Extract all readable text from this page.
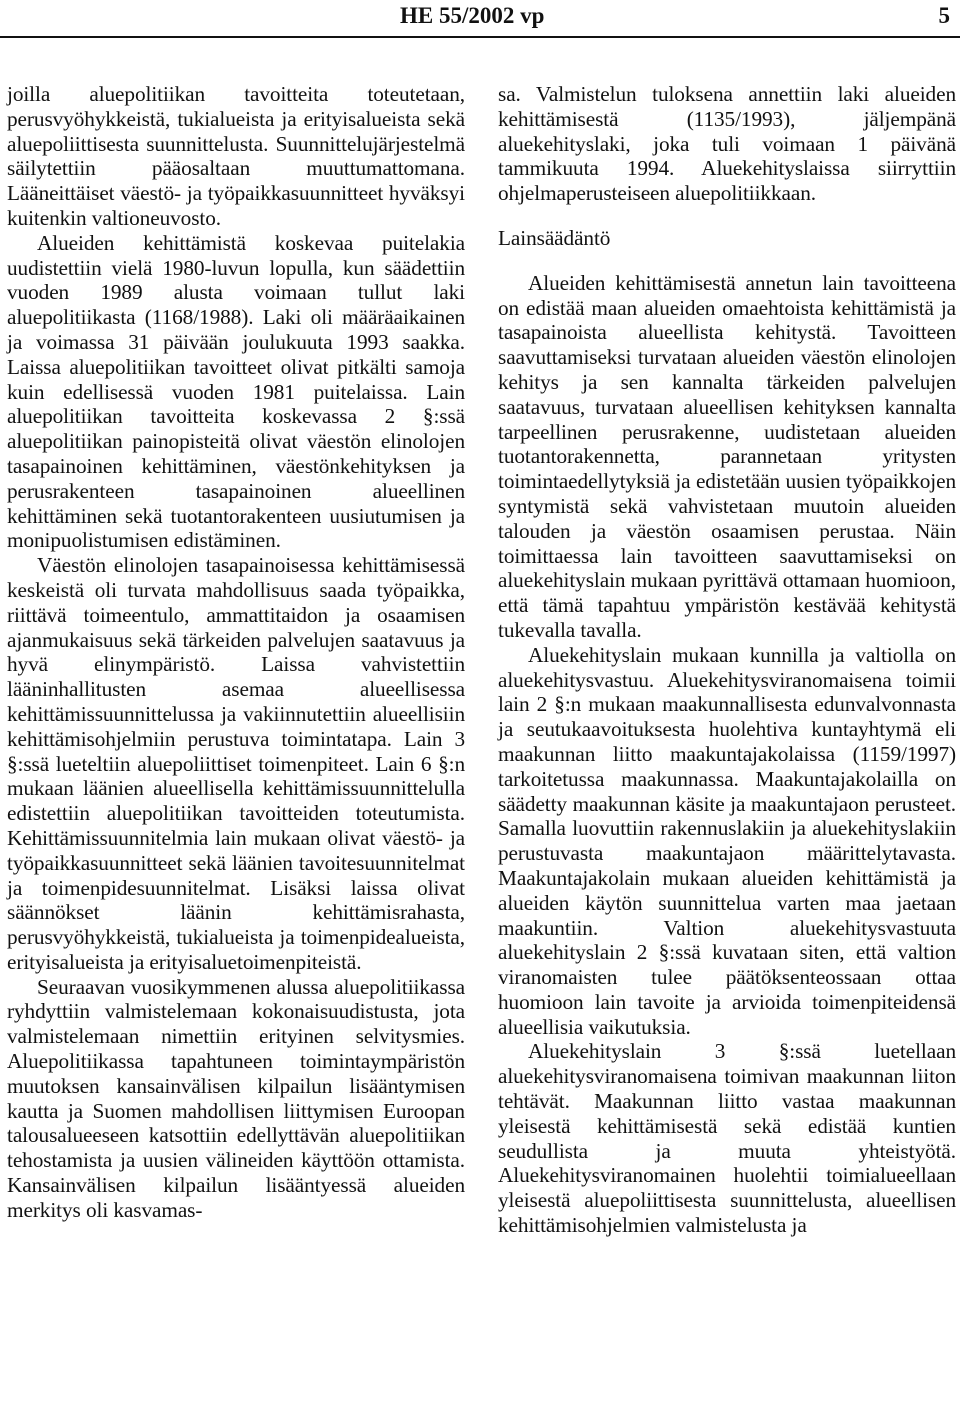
HE 55/2002 vp	5

joilla aluepolitiikan tavoitteita toteutetaan, perusvyöhykkeistä, tukialueista ja erityisalueista sekä aluepoliittisesta suunnittelusta. Suunnittelujärjestelmä säilytettiin pääosaltaan muuttumattomana. Lääneittäiset väestö- ja työpaikkasuunnitteet hyväksyi kuitenkin valtioneuvosto.

Alueiden kehittämistä koskevaa puitelakia uudistettiin vielä 1980-luvun lopulla, kun säädettiin vuoden 1989 alusta voimaan tullut laki aluepolitiikasta (1168/1988). Laki oli määräaikainen ja voimassa 31 päivään joulukuuta 1993 saakka. Laissa aluepolitiikan tavoitteet olivat pitkälti samoja kuin edellisessä vuoden 1981 puitelaissa. Lain aluepolitiikan tavoitteita koskevassa 2 §:ssä aluepolitiikan painopisteitä olivat väestön elinolojen tasapainoinen kehittäminen, väestönkehityksen ja perusrakenteen tasapainoinen alueellinen kehittäminen sekä tuotantorakenteen uusiutumisen ja monipuolistumisen edistäminen.

Väestön elinolojen tasapainoisessa kehittämisessä keskeistä oli turvata mahdollisuus saada työpaikka, riittävä toimeentulo, ammattitaidon ja osaamisen ajanmukaisuus sekä tärkeiden palvelujen saatavuus ja hyvä elinympäristö. Laissa vahvistettiin lääninhallitusten asemaa alueellisessa kehittämissuunnittelussa ja vakiinnutettiin alueellisiin kehittämisohjelmiin perustuva toimintatapa. Lain 3 §:ssä lueteltiin aluepoliittiset toimenpiteet. Lain 6 §:n mukaan läänien alueellisella kehittämissuunnittelulla edistettiin aluepolitiikan tavoitteiden toteutumista. Kehittämissuunnitelmia lain mukaan olivat väestö- ja työpaikkasuunnitteet sekä läänien tavoitesuunnitelmat ja toimenpidesuunnitelmat. Lisäksi laissa olivat säännökset läänin kehittämisrahasta, perusvyöhykkeistä, tukialueista ja toimenpidealueista, erityisalueista ja erityisaluetoimenpiteistä.

Seuraavan vuosikymmenen alussa aluepolitiikassa ryhdyttiin valmistelemaan kokonaisuudistusta, jota valmistelemaan nimettiin erityinen selvitysmies. Aluepolitiikassa tapahtuneen toimintaympäristön muutoksen kansainvälisen kilpailun lisääntymisen kautta ja Suomen mahdollisen liittymisen Euroopan talousalueeseen katsottiin edellyttävän aluepolitiikan tehostamista ja uusien välineiden käyttöön ottamista. Kansainvälisen kilpailun lisääntyessä alueiden merkitys oli kasvamas-

sa. Valmistelun tuloksena annettiin laki alueiden kehittämisestä (1135/1993), jäljempänä aluekehityslaki, joka tuli voimaan 1 päivänä tammikuuta 1994. Aluekehityslaissa siirryttiin ohjelmaperusteiseen aluepolitiikkaan.

Lainsäädäntö

Alueiden kehittämisestä annetun lain tavoitteena on edistää maan alueiden omaehtoista kehittämistä ja tasapainoista alueellista kehitystä. Tavoitteen saavuttamiseksi turvataan alueiden väestön elinolojen kehitys ja sen kannalta tärkeiden palvelujen saatavuus, turvataan alueellisen kehityksen kannalta tarpeellinen perusrakenne, uudistetaan alueiden tuotantorakennetta, parannetaan yritysten toimintaedellytyksiä ja edistetään uusien työpaikkojen syntymistä sekä vahvistetaan muutoin alueiden talouden ja väestön osaamisen perustaa. Näin toimittaessa lain tavoitteen saavuttamiseksi on aluekehityslain mukaan pyrittävä ottamaan huomioon, että tämä tapahtuu ympäristön kestävää kehitystä tukevalla tavalla.

Aluekehityslain mukaan kunnilla ja valtiolla on aluekehitysvastuu. Aluekehitysviranomaisena toimii lain 2 §:n mukaan maakunnallisesta edunvalvonnasta ja seutukaavoituksesta huolehtiva kuntayhtymä eli maakunnan liitto maakuntajakolaissa (1159/1997) tarkoitetussa maakunnassa. Maakuntajakolailla on säädetty maakunnan käsite ja maakuntajaon perusteet. Samalla luovuttiin rakennuslakiin ja aluekehityslakiin perustuvasta maakuntajaon määrittelytavasta. Maakuntajakolain mukaan alueiden kehittämistä ja alueiden käytön suunnittelua varten maa jaetaan maakuntiin. Valtion aluekehitysvastuuta aluekehityslain 2 §:ssä kuvataan siten, että valtion viranomaisten tulee päätöksenteossaan ottaa huomioon lain tavoite ja arvioida toimenpiteidensä alueellisia vaikutuksia.

Aluekehityslain 3 §:ssä luetellaan aluekehitysviranomaisena toimivan maakunnan liiton tehtävät. Maakunnan liitto vastaa maakunnan yleisestä kehittämisestä sekä edistää kuntien seudullista ja muuta yhteistyötä. Aluekehitysviranomainen huolehtii toimialueellaan yleisestä aluepoliittisesta suunnittelusta, alueellisen kehittämisohjelmien valmistelusta ja
